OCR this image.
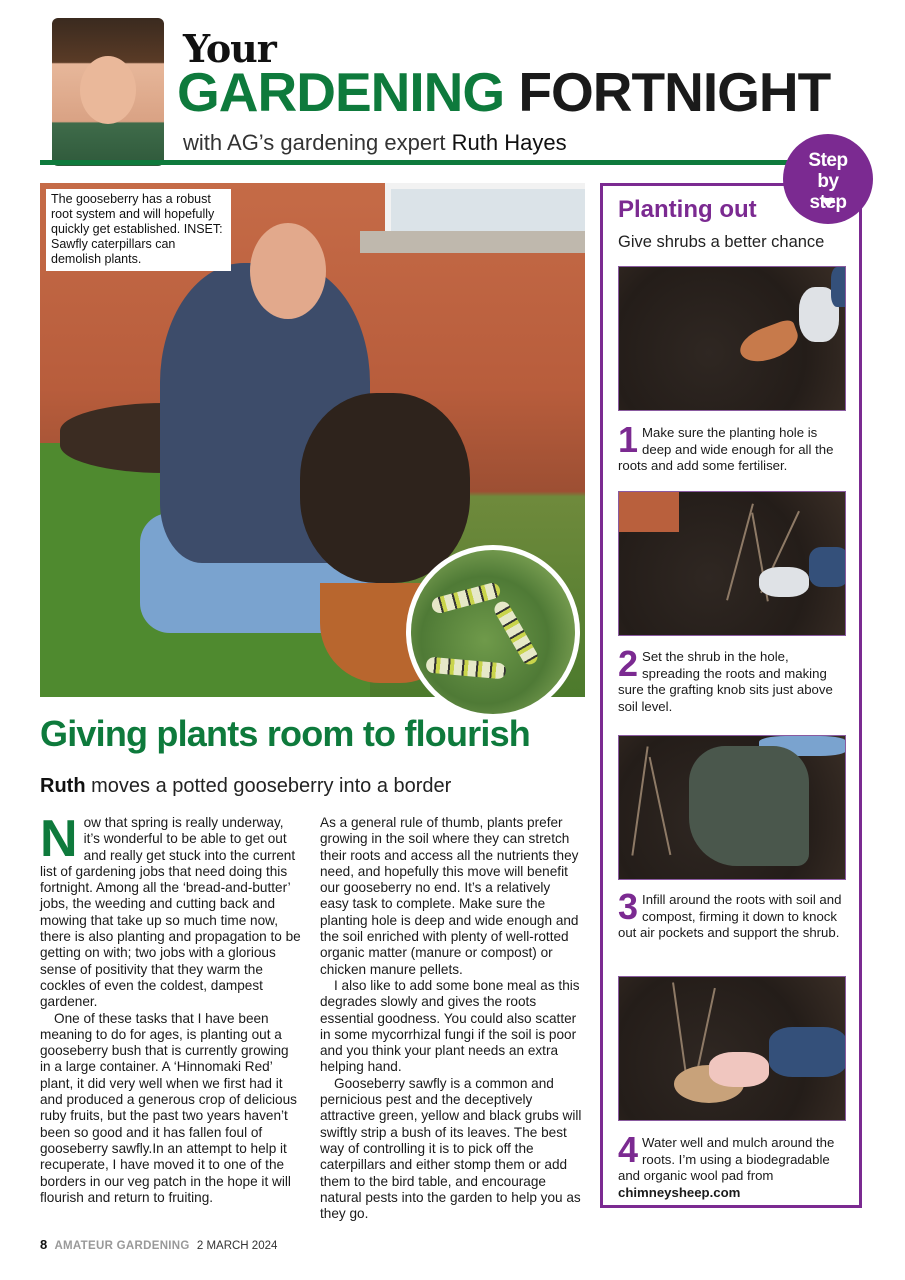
Your
GARDENING FORTNIGHT
with AG’s gardening expert Ruth Hayes
The gooseberry has a robust root system and will hopefully quickly get established. INSET: Sawfly caterpillars can demolish plants.
Step by step
Planting out
Give shrubs a better chance
1 Make sure the planting hole is deep and wide enough for all the roots and add some fertiliser.
2 Set the shrub in the hole, spreading the roots and making sure the grafting knob sits just above soil level.
3 Infill around the roots with soil and compost, firming it down to knock out air pockets and support the shrub.
4 Water well and mulch around the roots. I’m using a biodegradable and organic wool pad from chimneysheep.com
Giving plants room to flourish
Ruth moves a potted gooseberry into a border

Now that spring is really underway, it’s wonderful to be able to get out and really get stuck into the current list of gardening jobs that need doing this fortnight. Among all the ‘bread-and-butter’ jobs, the weeding and cutting back and mowing that take up so much time now, there is also planting and propagation to be getting on with; two jobs with a glorious sense of positivity that they warm the cockles of even the coldest, dampest gardener.

One of these tasks that I have been meaning to do for ages, is planting out a gooseberry bush that is currently growing in a large container. A ‘Hinnomaki Red’ plant, it did very well when we first had it and produced a generous crop of delicious ruby fruits, but the past two years haven’t been so good and it has fallen foul of gooseberry sawfly.In an attempt to help it recuperate, I have moved it to one of the borders in our veg patch in the hope it will flourish and return to fruiting.

As a general rule of thumb, plants prefer growing in the soil where they can stretch their roots and access all the nutrients they need, and hopefully this move will benefit our gooseberry no end. It’s a relatively easy task to complete. Make sure the planting hole is deep and wide enough and the soil enriched with plenty of well-rotted organic matter (manure or compost) or chicken manure pellets.

I also like to add some bone meal as this degrades slowly and gives the roots essential goodness. You could also scatter in some mycorrhizal fungi if the soil is poor and you think your plant needs an extra helping hand.

Gooseberry sawfly is a common and pernicious pest and the deceptively attractive green, yellow and black grubs will swiftly strip a bush of its leaves. The best way of controlling it is to pick off the caterpillars and either stomp them or add them to the bird table, and encourage natural pests into the garden to help you as they go.

8 AMATEUR GARDENING 2 MARCH 2024
